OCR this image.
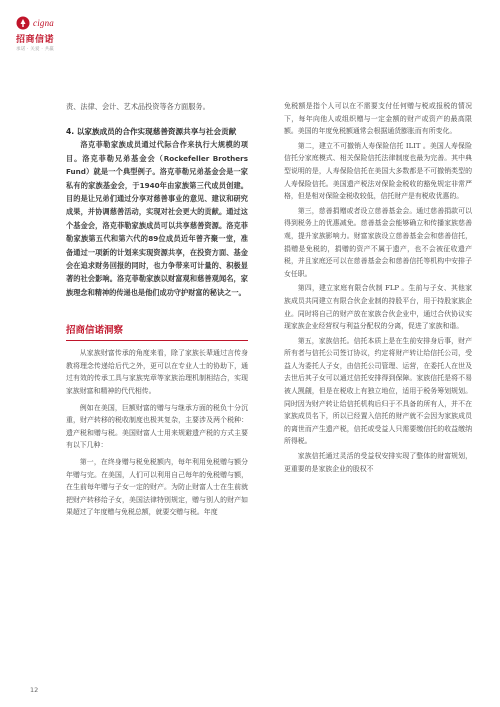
cigna
招商信诺
承诺 · 关爱 · 共赢

责、法律、会计、艺术品投资等各方面服务。

4. 以家族成员的合作实现慈善资源共享与社会贡献

洛克菲勒家族成员通过代际合作来执行大规模的项目。洛克菲勒兄弟基金会（Rockefeller Brothers Fund）就是一个典型例子。洛克菲勒兄弟基金会是一家私有的家族基金会，于1940年由家族第三代成员创建。目的是让兄弟们通过分享对慈善事业的意见、建议和研究成果，并协调慈善活动，实现对社会更大的贡献。通过这个基金会，洛克菲勒家族成员可以共享慈善资源。洛克菲勒家族第五代和第六代的89位成员近年曾齐聚一堂，准备通过一项新的计划来实现资源共享，在投资方面、基金会在追求财务回报的同时，也力争带来可计量的、积极显著的社会影响。洛克菲勒家族以财富观和慈善观闻名，家族理念和精神的传递也是他们成功守护财富的秘诀之一。

招商信诺洞察

从家族财富传承的角度来看，除了家族长辈通过言传身教将理念传递给后代之外，更可以在专业人士的协助下，通过有效的传承工具与家族宪章等家族治理机制相结合，实现家族财富和精神的代代相传。

例如在美国，巨额财富的赠与与继承方面的税负十分沉重，财产转移的税收制度也极其复杂，主要涉及两个税种：遗产税和赠与税。美国财富人士用来规避遗产税的方式主要有以下几种：

第一，在终身赠与税免税额内，每年利用免税赠与额分年赠与完。在美国，人们可以利用自己每年的免税赠与额，在生前每年赠与子女一定的财产。为防止财富人士在生前就把财产转移给子女，美国法律特别规定，赠与别人的财产如果超过了年度赠与免税总额，就要交赠与税。年度

免税额是指个人可以在不需要支付任何赠与税或报税的情况下，每年向他人或组织赠与一定金额的财产或资产的最高限额。美国的年度免税额通常会根据通货膨胀而有所变化。

第二，建立不可撤销人寿保险信托 ILIT 。美国人寿保险信托分家庭模式、相关保险信托法律制度也最为完善。其中典型说明的是，人寿保险信托在美国大多数都是不可撤销类型的人寿保险信托。美国遗产税法对保险金税收的豁免规定非常严格，但是相对保险金税收较低，信托财产是有税收优惠的。

第三，慈善捐赠或者设立慈善基金会。通过慈善捐款可以得到税务上的优惠减免。慈善基金会能够确立和传播家族慈善观，提升家族影响力。财富家族设立慈善基金会和慈善信托，捐赠是免税的，捐赠的资产不属于遗产，也不会被征收遗产税，并且家庭还可以在慈善基金会和慈善信托等机构中安排子女任职。

第四，建立家庭有限合伙制 FLP 。生前与子女、其他家族成员共同建立有限合伙企业制的持股平台，用于持股家族企业。同时将自己的财产放在家族合伙企业中，通过合伙协议实现家族企业经营权与利益分配权的分离，促进了家族和谐。

第五，家族信托。信托本质上是在生前安排身后事，财产所有者与信托公司签订协议，约定将财产转让给信托公司，受益人为委托人子女，由信托公司管理、运营，在委托人在世及去世后其子女可以通过信托安排得到保障。家族信托是将不易被人觊觎，但是在税收上有独立地位，适用于税务筹划规划。同时因为财产转让给信托机构后归于不具备的所有人，并不在家族成员名下，所以已经置入信托的财产就不会因为家族成员的离世而产生遗产税，信托或受益人只需要缴信托的收益缴纳所得税。

家族信托通过灵活的受益权安排实现了整体的财富规划，更重要的是家族企业的股权不

12
